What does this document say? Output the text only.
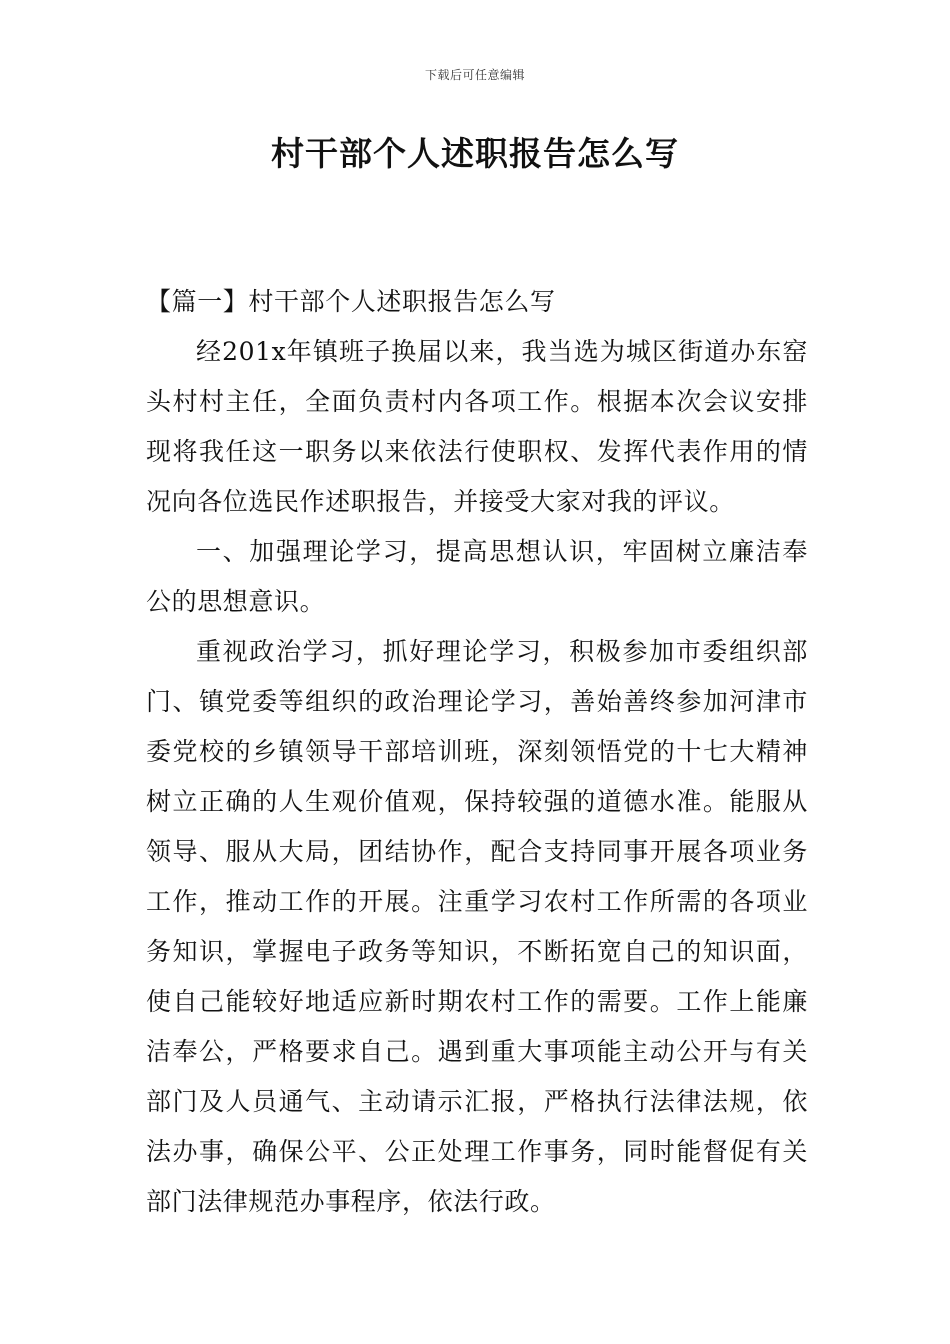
下载后可任意编辑
村干部个人述职报告怎么写

【篇一】村干部个人述职报告怎么写

经201x年镇班子换届以来，我当选为城区街道办东窑头村村主任，全面负责村内各项工作。根据本次会议安排现将我任这一职务以来依法行使职权、发挥代表作用的情况向各位选民作述职报告，并接受大家对我的评议。

一、加强理论学习，提高思想认识，牢固树立廉洁奉公的思想意识。

重视政治学习，抓好理论学习，积极参加市委组织部门、镇党委等组织的政治理论学习，善始善终参加河津市委党校的乡镇领导干部培训班，深刻领悟党的十七大精神树立正确的人生观价值观，保持较强的道德水准。能服从领导、服从大局，团结协作，配合支持同事开展各项业务工作，推动工作的开展。注重学习农村工作所需的各项业务知识，掌握电子政务等知识，不断拓宽自己的知识面，使自己能较好地适应新时期农村工作的需要。工作上能廉洁奉公，严格要求自己。遇到重大事项能主动公开与有关部门及人员通气、主动请示汇报，严格执行法律法规，依法办事，确保公平、公正处理工作事务，同时能督促有关部门法律规范办事程序，依法行政。
